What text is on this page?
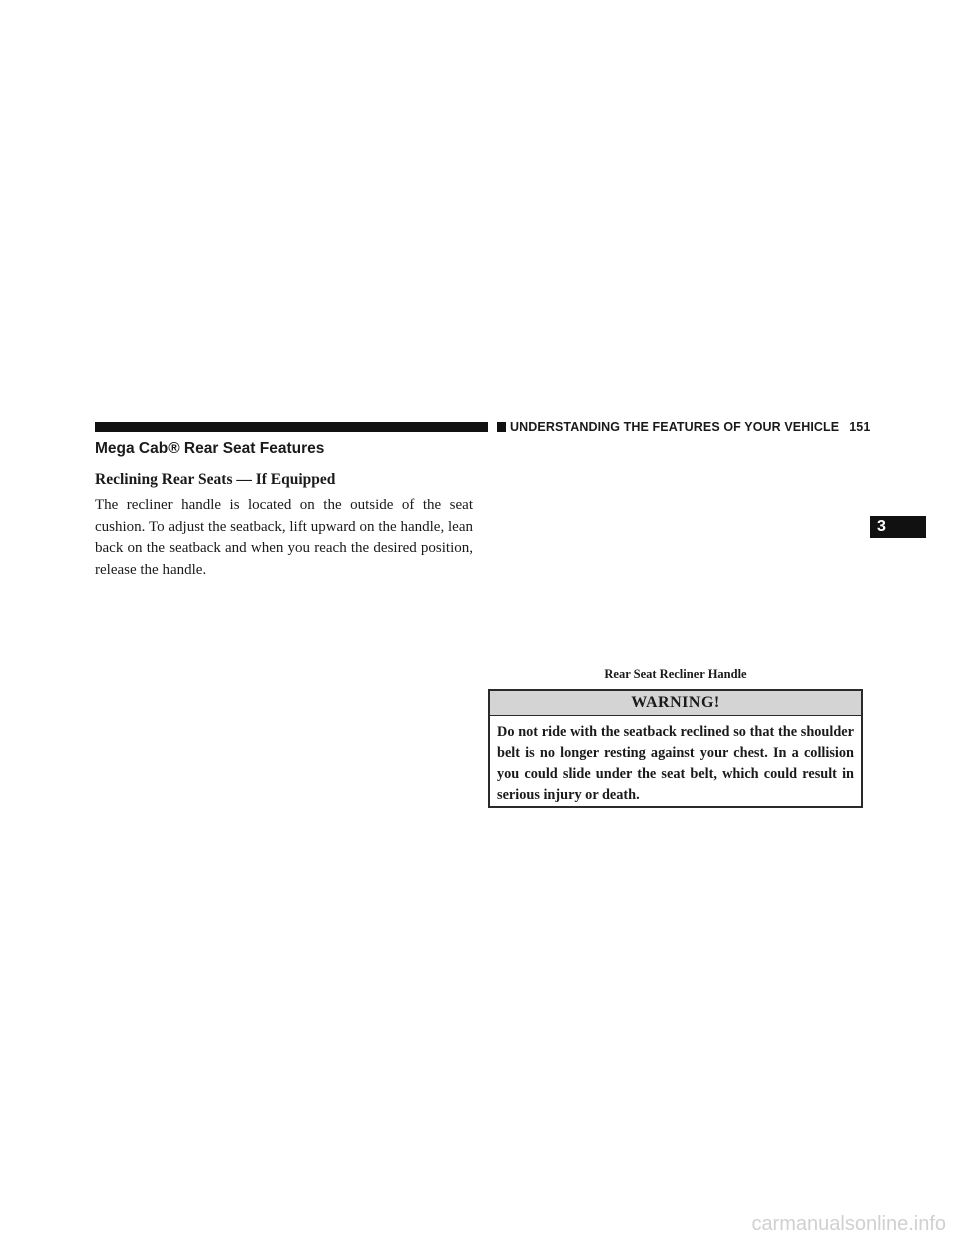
UNDERSTANDING THE FEATURES OF YOUR VEHICLE 151
3
Mega Cab® Rear Seat Features
Reclining Rear Seats — If Equipped

The recliner handle is located on the outside of the seat cushion. To adjust the seatback, lift upward on the handle, lean back on the seatback and when you reach the desired position, release the handle.

Rear Seat Recliner Handle
WARNING!

Do not ride with the seatback reclined so that the shoulder belt is no longer resting against your chest. In a collision you could slide under the seat belt, which could result in serious injury or death.

carmanualsonline.info
